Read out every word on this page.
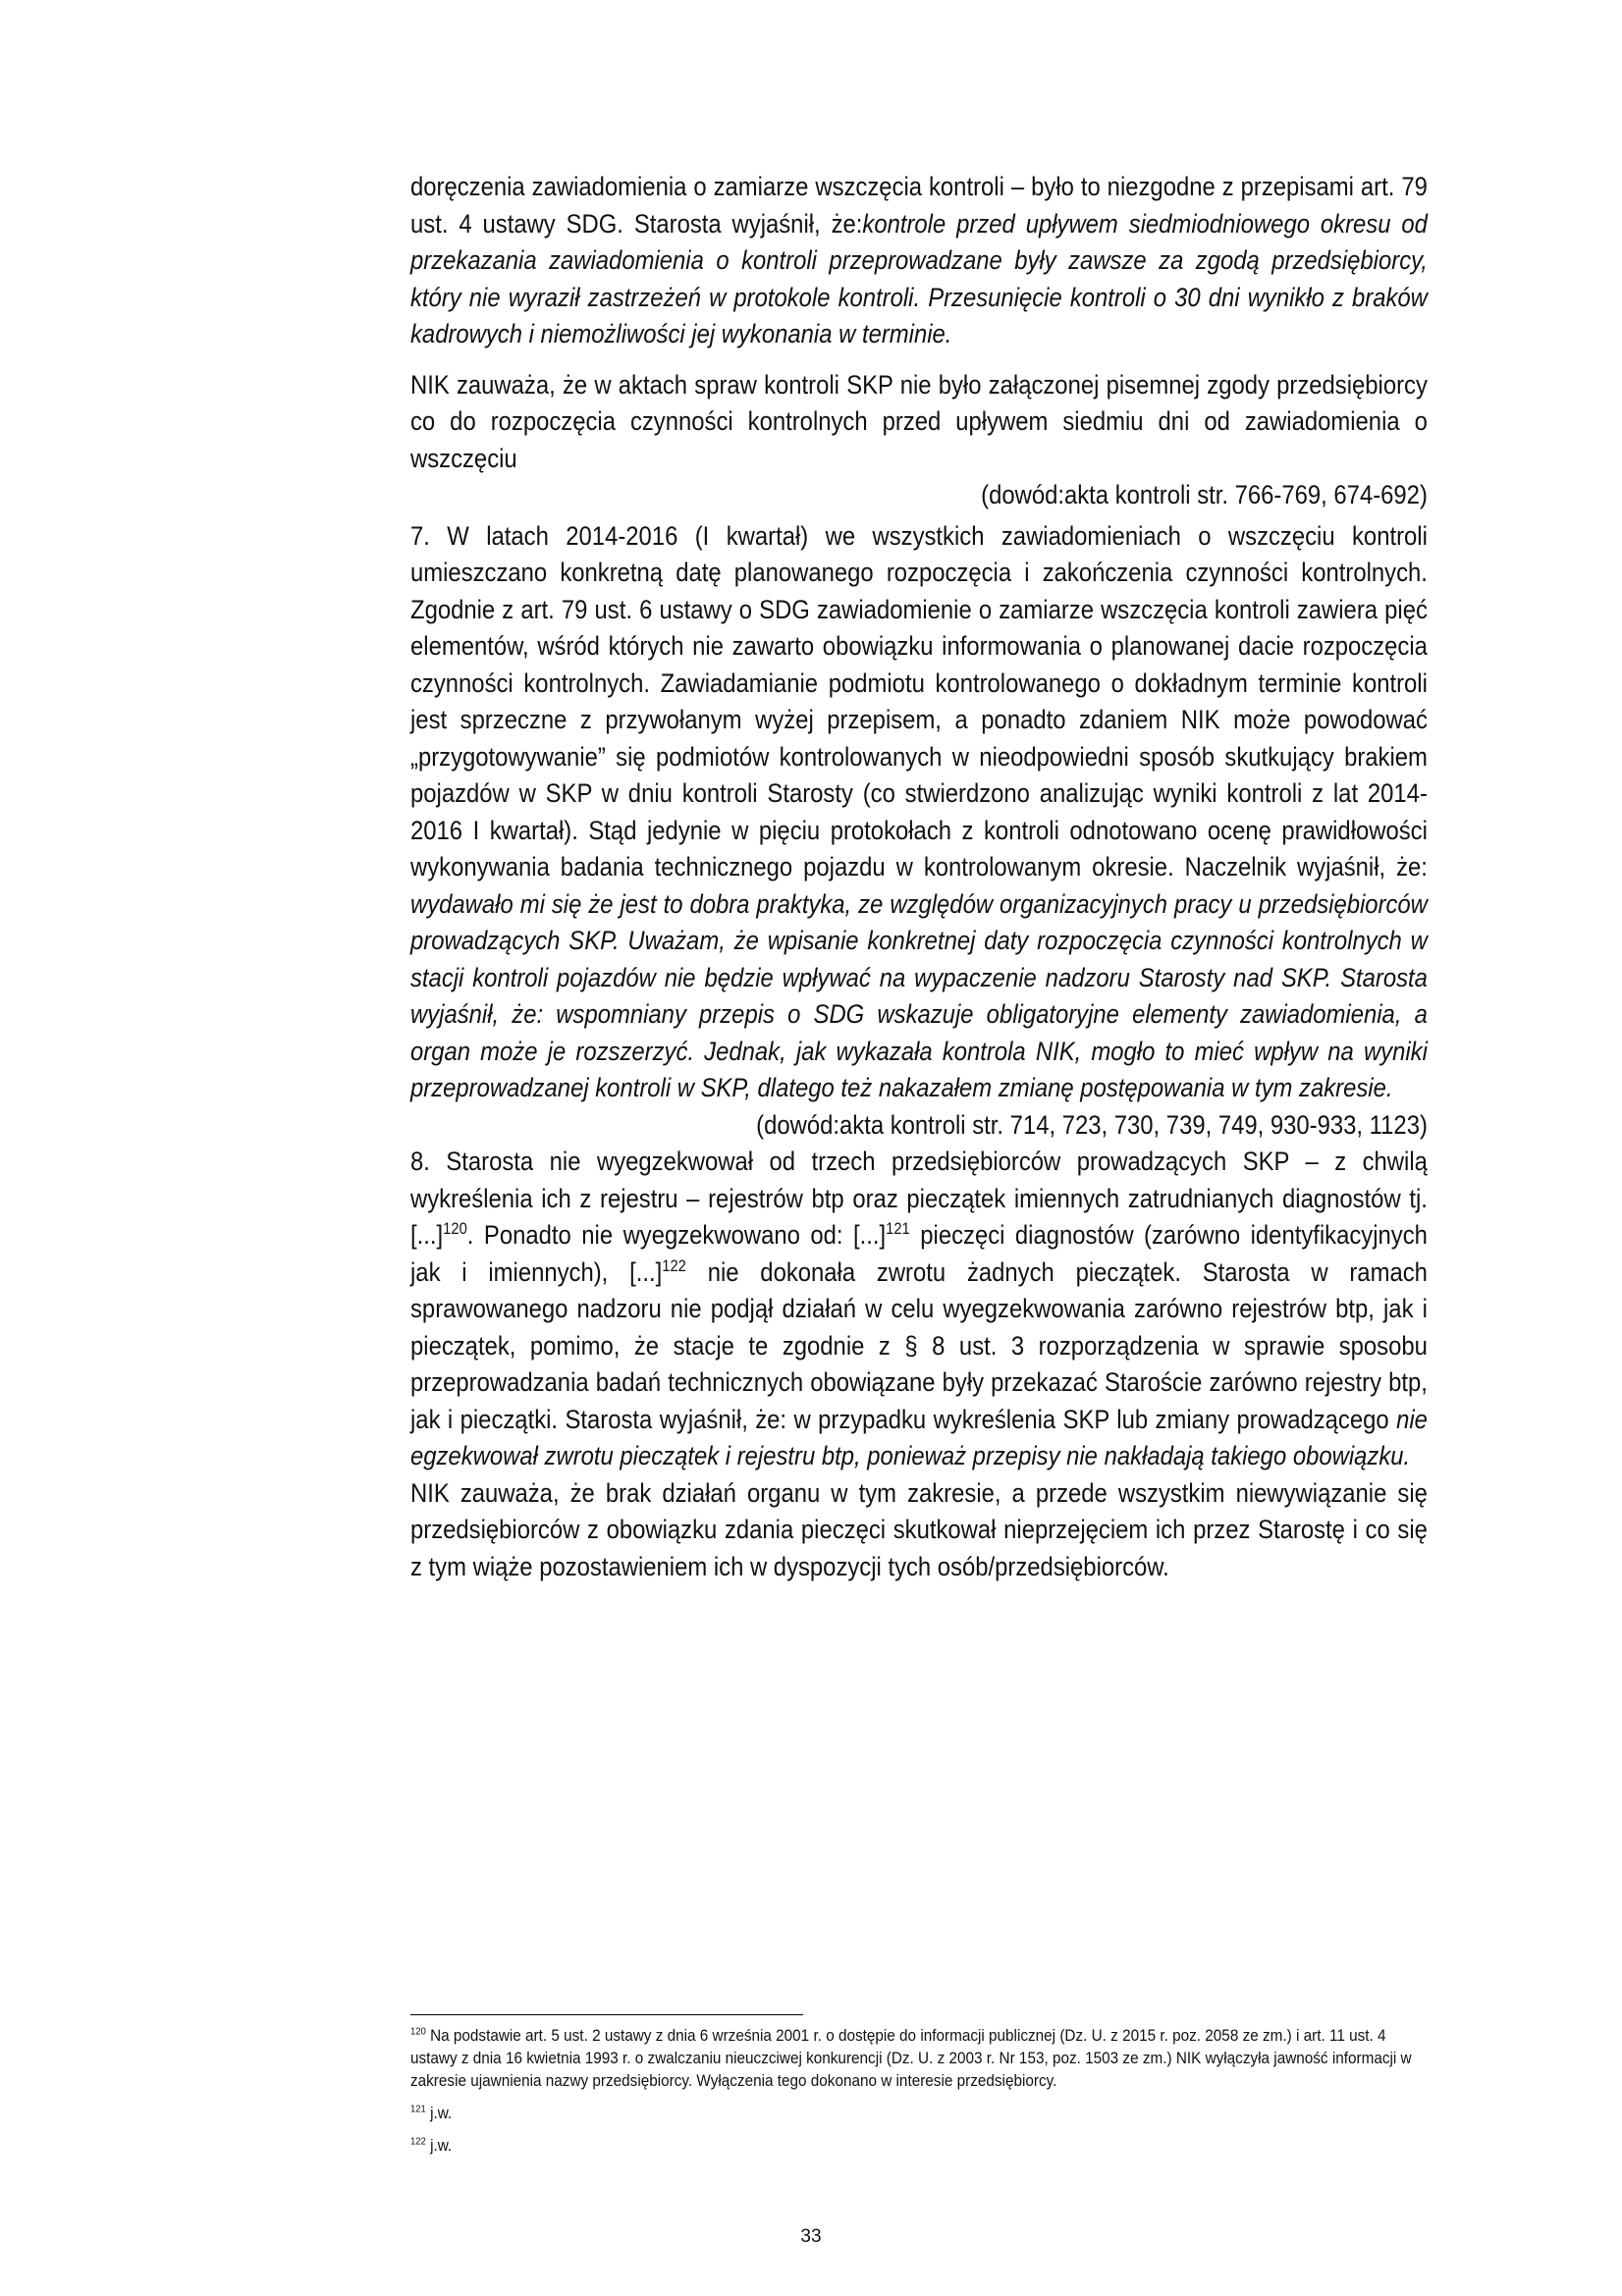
doręczenia zawiadomienia o zamiarze wszczęcia kontroli – było to niezgodne z przepisami art. 79 ust. 4 ustawy SDG. Starosta wyjaśnił, że:kontrole przed upływem siedmiodniowego okresu od przekazania zawiadomienia o kontroli przeprowadzane były zawsze za zgodą przedsiębiorcy, który nie wyraził zastrzeżeń w protokole kontroli. Przesunięcie kontroli o 30 dni wynikło z braków kadrowych i niemożliwości jej wykonania w terminie.

NIK zauważa, że w aktach spraw kontroli SKP nie było załączonej pisemnej zgody przedsiębiorcy co do rozpoczęcia czynności kontrolnych przed upływem siedmiu dni od zawiadomienia o wszczęciu

(dowód:akta kontroli str. 766-769, 674-692)

7. W latach 2014-2016 (I kwartał) we wszystkich zawiadomieniach o wszczęciu kontroli umieszczano konkretną datę planowanego rozpoczęcia i zakończenia czynności kontrolnych. Zgodnie z art. 79 ust. 6 ustawy o SDG zawiadomienie o zamiarze wszczęcia kontroli zawiera pięć elementów, wśród których nie zawarto obowiązku informowania o planowanej dacie rozpoczęcia czynności kontrolnych. Zawiadamianie podmiotu kontrolowanego o dokładnym terminie kontroli jest sprzeczne z przywołanym wyżej przepisem, a ponadto zdaniem NIK może powodować „przygotowywanie” się podmiotów kontrolowanych w nieodpowiedni sposób skutkujący brakiem pojazdów w SKP w dniu kontroli Starosty (co stwierdzono analizując wyniki kontroli z lat 2014-2016 I kwartał). Stąd jedynie w pięciu protokołach z kontroli odnotowano ocenę prawidłowości wykonywania badania technicznego pojazdu w kontrolowanym okresie. Naczelnik wyjaśnił, że: wydawało mi się że jest to dobra praktyka, ze względów organizacyjnych pracy u przedsiębiorców prowadzących SKP. Uważam, że wpisanie konkretnej daty rozpoczęcia czynności kontrolnych w stacji kontroli pojazdów nie będzie wpływać na wypaczenie nadzoru Starosty nad SKP. Starosta wyjaśnił, że: wspomniany przepis o SDG wskazuje obligatoryjne elementy zawiadomienia, a organ może je rozszerzyć. Jednak, jak wykazała kontrola NIK, mogło to mieć wpływ na wyniki przeprowadzanej kontroli w SKP, dlatego też nakazałem zmianę postępowania w tym zakresie.

(dowód:akta kontroli str. 714, 723, 730, 739, 749, 930-933, 1123)

8. Starosta nie wyegzekwował od trzech przedsiębiorców prowadzących SKP – z chwilą wykreślenia ich z rejestru – rejestrów btp oraz pieczątek imiennych zatrudnianych diagnostów tj. [...]$^{120}$. Ponadto nie wyegzekwowano od: [...]$^{121}$ pieczęci diagnostów (zarówno identyfikacyjnych jak i imiennych), [...]$^{122}$ nie dokonała zwrotu żadnych pieczątek. Starosta w ramach sprawowanego nadzoru nie podjął działań w celu wyegzekwowania zarówno rejestrów btp, jak i pieczątek, pomimo, że stacje te zgodnie z § 8 ust. 3 rozporządzenia w sprawie sposobu przeprowadzania badań technicznych obowiązane były przekazać Staroście zarówno rejestry btp, jak i pieczątki. Starosta wyjaśnił, że: w przypadku wykreślenia SKP lub zmiany prowadzącego nie egzekwował zwrotu pieczątek i rejestru btp, ponieważ przepisy nie nakładają takiego obowiązku.

NIK zauważa, że brak działań organu w tym zakresie, a przede wszystkim niewywiązanie się przedsiębiorców z obowiązku zdania pieczęci skutkował nieprzejęciem ich przez Starostę i co się z tym wiąże pozostawieniem ich w dyspozycji tych osób/przedsiębiorców.

$^{120}$ Na podstawie art. 5 ust. 2 ustawy z dnia 6 września 2001 r. o dostępie do informacji publicznej (Dz. U. z 2015 r. poz. 2058 ze zm.) i art. 11 ust. 4 ustawy z dnia 16 kwietnia 1993 r. o zwalczaniu nieuczciwej konkurencji (Dz. U. z 2003 r. Nr 153, poz. 1503 ze zm.) NIK wyłączyła jawność informacji w zakresie ujawnienia nazwy przedsiębiorcy. Wyłączenia tego dokonano w interesie przedsiębiorcy.

$^{121}$ j.w.

$^{122}$ j.w.

33
